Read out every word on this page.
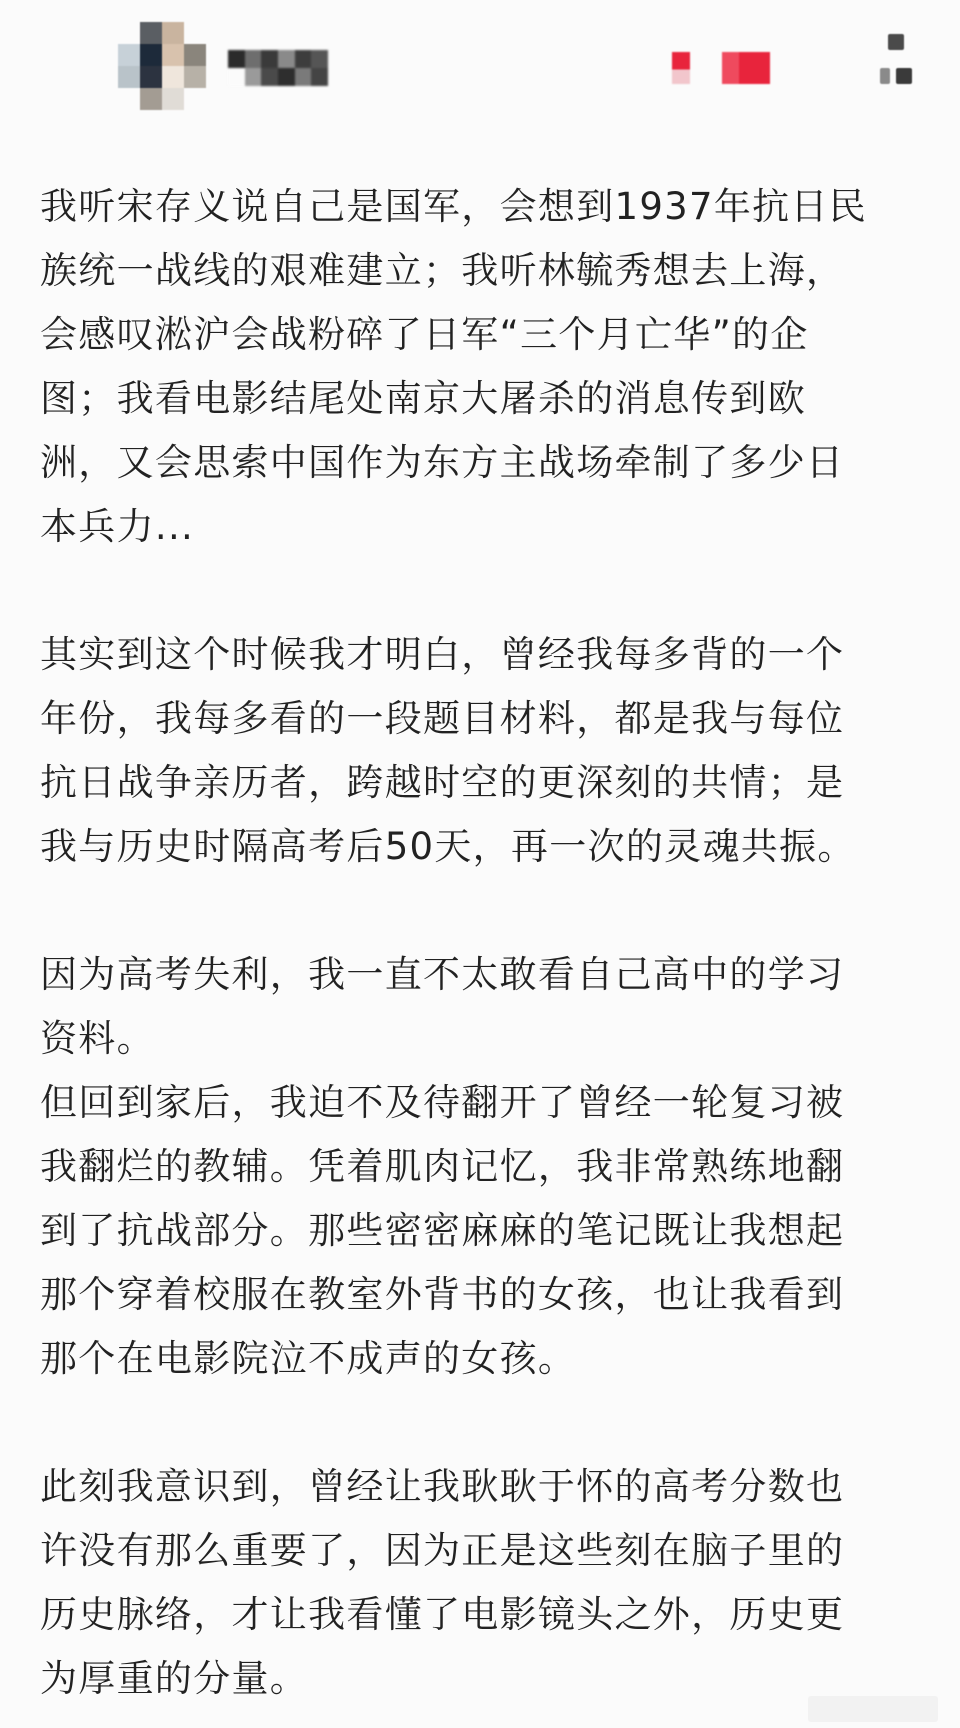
我听宋存义说自己是国军，会想到1937年抗日民
族统一战线的艰难建立；我听林毓秀想去上海，
会感叹淞沪会战粉碎了日军“三个月亡华”的企
图；我看电影结尾处南京大屠杀的消息传到欧
洲，又会思索中国作为东方主战场牵制了多少日
本兵力...

其实到这个时候我才明白，曾经我每多背的一个
年份，我每多看的一段题目材料，都是我与每位
抗日战争亲历者，跨越时空的更深刻的共情；是
我与历史时隔高考后50天，再一次的灵魂共振。

因为高考失利，我一直不太敢看自己高中的学习
资料。

但回到家后，我迫不及待翻开了曾经一轮复习被
我翻烂的教辅。凭着肌肉记忆，我非常熟练地翻
到了抗战部分。那些密密麻麻的笔记既让我想起
那个穿着校服在教室外背书的女孩，也让我看到
那个在电影院泣不成声的女孩。

此刻我意识到，曾经让我耿耿于怀的高考分数也
许没有那么重要了，因为正是这些刻在脑子里的
历史脉络，才让我看懂了电影镜头之外，历史更
为厚重的分量。
